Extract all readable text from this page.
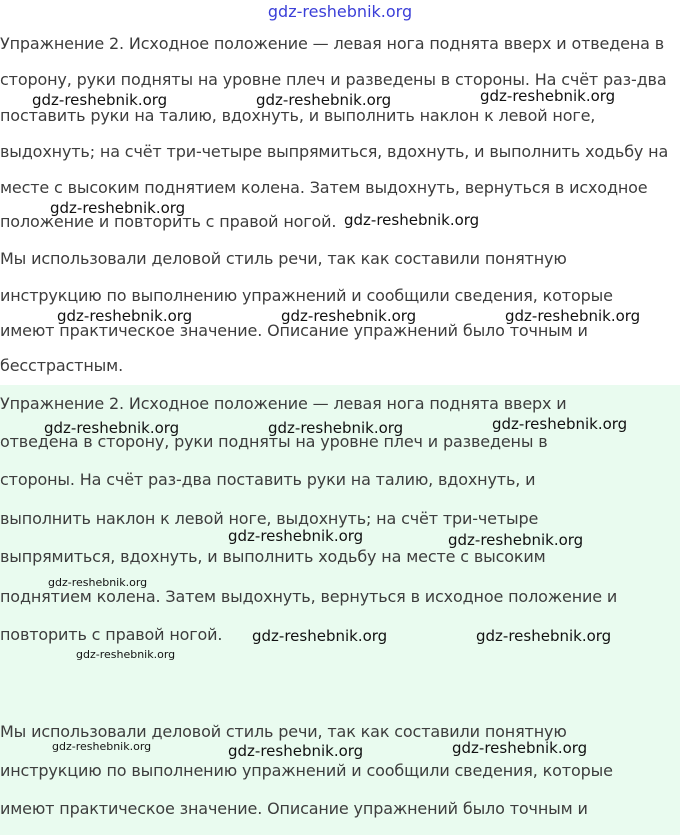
gdz-reshebnik.org
Упражнение 2. Исходное положение — левая нога поднята вверх и отведена в
сторону, руки подняты на уровне плеч и разведены в стороны. На счёт раз-два
поставить руки на талию, вдохнуть, и выполнить наклон к левой ноге,
выдохнуть; на счёт три-четыре выпрямиться, вдохнуть, и выполнить ходьбу на
месте с высоким поднятием колена. Затем выдохнуть, вернуться в исходное
положение и повторить с правой ногой.
Мы использовали деловой стиль речи, так как составили понятную
инструкцию по выполнению упражнений и сообщили сведения, которые
имеют практическое значение. Описание упражнений было точным и
бесстрастным.
Упражнение 2. Исходное положение — левая нога поднята вверх и
отведена в сторону, руки подняты на уровне плеч и разведены в
стороны. На счёт раз-два поставить руки на талию, вдохнуть, и
выполнить наклон к левой ноге, выдохнуть; на счёт три-четыре
выпрямиться, вдохнуть, и выполнить ходьбу на месте с высоким
поднятием колена. Затем выдохнуть, вернуться в исходное положение и
повторить с правой ногой.
Мы использовали деловой стиль речи, так как составили понятную
инструкцию по выполнению упражнений и сообщили сведения, которые
имеют практическое значение. Описание упражнений было точным и
gdz-reshebnik.org	gdz-reshebnik.org	gdz-reshebnik.org
gdz-reshebnik.org
gdz-reshebnik.org
gdz-reshebnik.org	gdz-reshebnik.org	gdz-reshebnik.org
gdz-reshebnik.org	gdz-reshebnik.org	gdz-reshebnik.org
gdz-reshebnik.org	gdz-reshebnik.org
gdz-reshebnik.org
gdz-reshebnik.org	gdz-reshebnik.org
gdz-reshebnik.org
gdz-reshebnik.org	gdz-reshebnik.org	gdz-reshebnik.org
